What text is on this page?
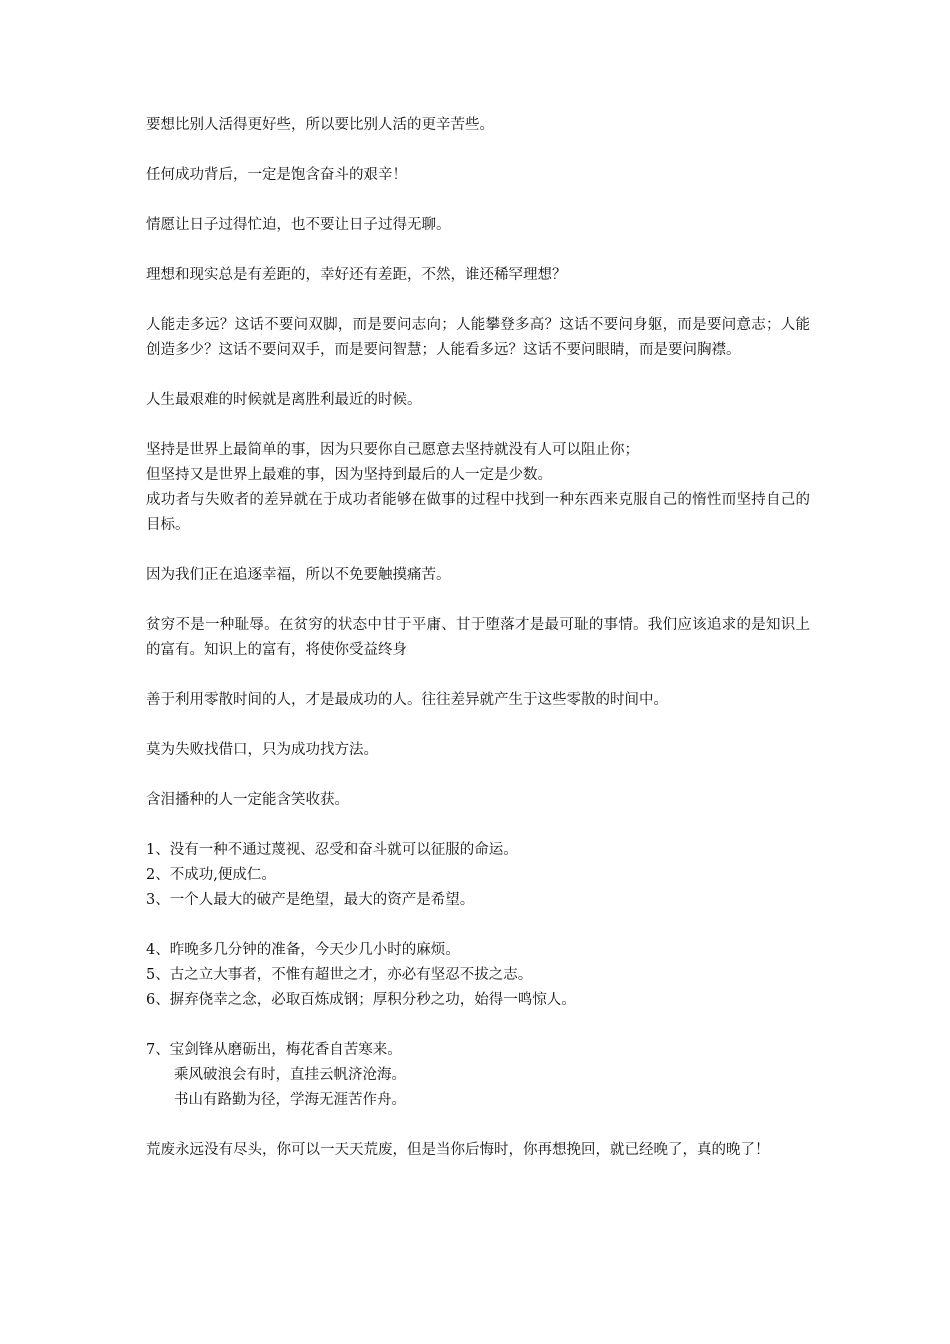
要想比别人活得更好些，所以要比别人活的更辛苦些。

任何成功背后，一定是饱含奋斗的艰辛！

情愿让日子过得忙迫，也不要让日子过得无聊。

理想和现实总是有差距的，幸好还有差距，不然，谁还稀罕理想？

人能走多远？这话不要问双脚，而是要问志向；人能攀登多高？这话不要问身躯，而是要问意志；人能创造多少？这话不要问双手，而是要问智慧；人能看多远？这话不要问眼睛，而是要问胸襟。

人生最艰难的时候就是离胜利最近的时候。

坚持是世界上最简单的事，因为只要你自己愿意去坚持就没有人可以阻止你；
但坚持又是世界上最难的事，因为坚持到最后的人一定是少数。
成功者与失败者的差异就在于成功者能够在做事的过程中找到一种东西来克服自己的惰性而坚持自己的目标。

因为我们正在追逐幸福，所以不免要触摸痛苦。

贫穷不是一种耻辱。在贫穷的状态中甘于平庸、甘于堕落才是最可耻的事情。我们应该追求的是知识上的富有。知识上的富有，将使你受益终身

善于利用零散时间的人，才是最成功的人。往往差异就产生于这些零散的时间中。

莫为失败找借口，只为成功找方法。

含泪播种的人一定能含笑收获。

1、没有一种不通过蔑视、忍受和奋斗就可以征服的命运。
2、不成功,便成仁。
3、一个人最大的破产是绝望，最大的资产是希望。

4、昨晚多几分钟的准备，今天少几小时的麻烦。
5、古之立大事者，不惟有超世之才，亦必有坚忍不拔之志。
6、摒弃侥幸之念，必取百炼成钢；厚积分秒之功，始得一鸣惊人。

7、宝剑锋从磨砺出，梅花香自苦寒来。
乘风破浪会有时，直挂云帆济沧海。
书山有路勤为径，学海无涯苦作舟。

荒废永远没有尽头，你可以一天天荒废，但是当你后悔时，你再想挽回，就已经晚了，真的晚了！
